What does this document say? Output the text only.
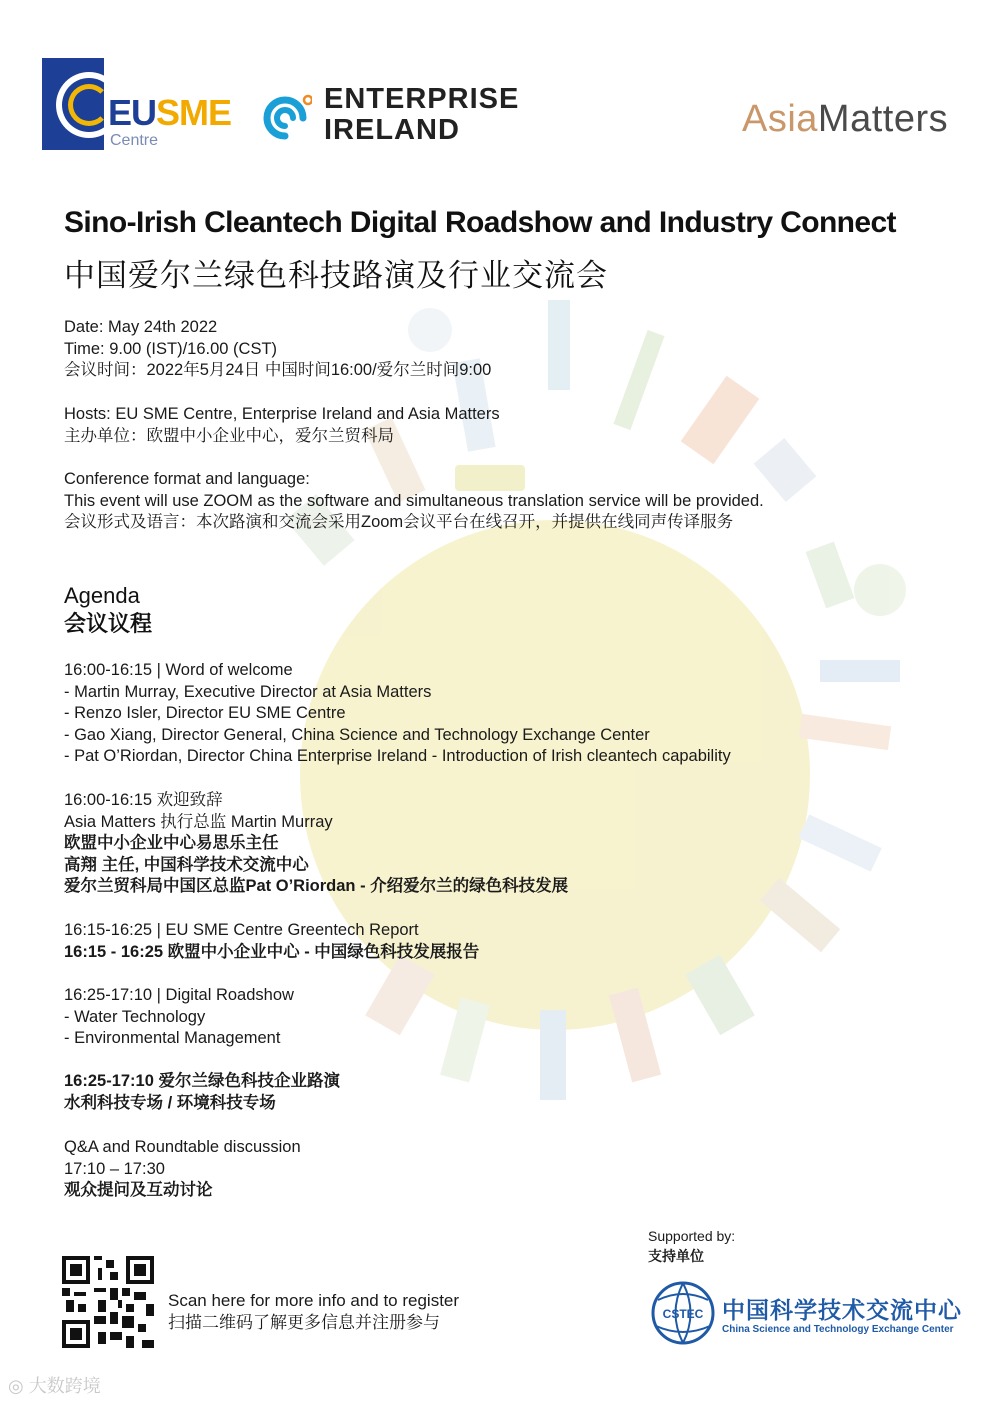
EUSME
Centre
ENTERPRISE
IRELAND	AsiaMatters
Sino-Irish Cleantech Digital Roadshow and Industry Connect
中国爱尔兰绿色科技路演及行业交流会
Date: May 24th 2022
Time: 9.00 (IST)/16.00 (CST)
会议时间：2022年5月24日 中国时间16:00/爱尔兰时间9:00
Hosts: EU SME Centre, Enterprise Ireland and Asia Matters
主办单位：欧盟中小企业中心，爱尔兰贸科局
Conference format and language:
This event will use ZOOM as the software and simultaneous translation service will be provided.
会议形式及语言：本次路演和交流会采用Zoom会议平台在线召开，并提供在线同声传译服务
Agenda
会议议程
16:00-16:15 | Word of welcome
- Martin Murray, Executive Director at Asia Matters
- Renzo Isler, Director EU SME Centre
- Gao Xiang, Director General, China Science and Technology Exchange Center
- Pat O’Riordan, Director China Enterprise Ireland - Introduction of Irish cleantech capability
16:00-16:15 欢迎致辞
Asia Matters 执行总监 Martin Murray
欧盟中小企业中心易思乐主任
高翔 主任, 中国科学技术交流中心
爱尔兰贸科局中国区总监Pat O’Riordan - 介绍爱尔兰的绿色科技发展
16:15-16:25 | EU SME Centre Greentech Report
16:15 - 16:25 欧盟中小企业中心 - 中国绿色科技发展报告
16:25-17:10 | Digital Roadshow
- Water Technology
- Environmental Management
16:25-17:10 爱尔兰绿色科技企业路演
水利科技专场 / 环境科技专场
Q&A and Roundtable discussion
17:10 – 17:30
观众提问及互动讨论
Supported by:
支持单位
Scan here for more info and to register
扫描二维码了解更多信息并注册参与	CSTEC 中国科学技术交流中心
China Science and Technology Exchange Center
◎ 大数跨境
